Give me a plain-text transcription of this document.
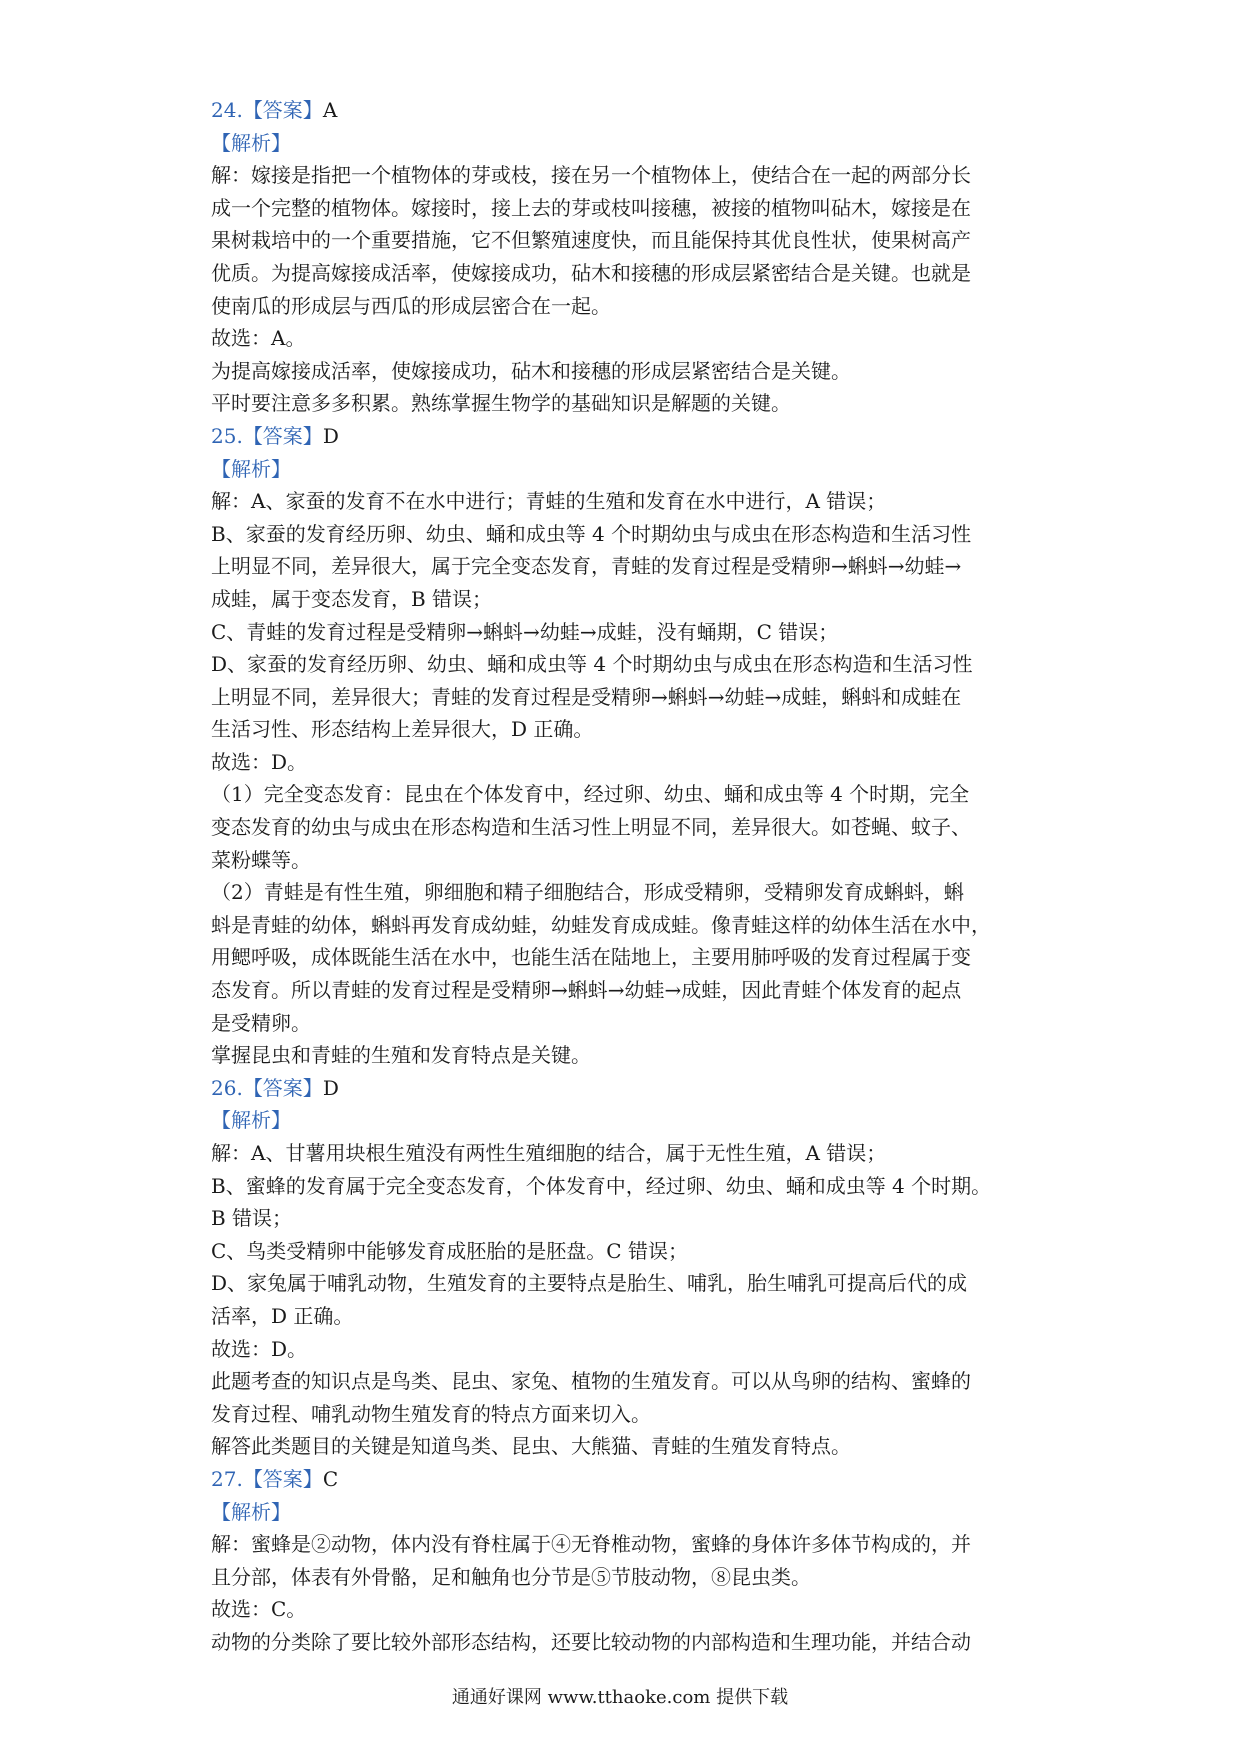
24.【答案】A
【解析】
解：嫁接是指把一个植物体的芽或枝，接在另一个植物体上，使结合在一起的两部分长
成一个完整的植物体。嫁接时，接上去的芽或枝叫接穗，被接的植物叫砧木，嫁接是在
果树栽培中的一个重要措施，它不但繁殖速度快，而且能保持其优良性状，使果树高产
优质。为提高嫁接成活率，使嫁接成功，砧木和接穗的形成层紧密结合是关键。也就是
使南瓜的形成层与西瓜的形成层密合在一起。
故选：A。
为提高嫁接成活率，使嫁接成功，砧木和接穗的形成层紧密结合是关键。
平时要注意多多积累。熟练掌握生物学的基础知识是解题的关键。
25.【答案】D
【解析】
解：A、家蚕的发育不在水中进行；青蛙的生殖和发育在水中进行，A 错误；
B、家蚕的发育经历卵、幼虫、蛹和成虫等 4 个时期幼虫与成虫在形态构造和生活习性
上明显不同，差异很大，属于完全变态发育，青蛙的发育过程是受精卵→蝌蚪→幼蛙→
成蛙，属于变态发育，B 错误；
C、青蛙的发育过程是受精卵→蝌蚪→幼蛙→成蛙，没有蛹期，C 错误；
D、家蚕的发育经历卵、幼虫、蛹和成虫等 4 个时期幼虫与成虫在形态构造和生活习性
上明显不同，差异很大；青蛙的发育过程是受精卵→蝌蚪→幼蛙→成蛙，蝌蚪和成蛙在
生活习性、形态结构上差异很大，D 正确。
故选：D。
（1）完全变态发育：昆虫在个体发育中，经过卵、幼虫、蛹和成虫等 4 个时期，完全
变态发育的幼虫与成虫在形态构造和生活习性上明显不同，差异很大。如苍蝇、蚊子、
菜粉蝶等。
（2）青蛙是有性生殖，卵细胞和精子细胞结合，形成受精卵，受精卵发育成蝌蚪，蝌
蚪是青蛙的幼体，蝌蚪再发育成幼蛙，幼蛙发育成成蛙。像青蛙这样的幼体生活在水中，
用鳃呼吸，成体既能生活在水中，也能生活在陆地上，主要用肺呼吸的发育过程属于变
态发育。所以青蛙的发育过程是受精卵→蝌蚪→幼蛙→成蛙，因此青蛙个体发育的起点
是受精卵。
掌握昆虫和青蛙的生殖和发育特点是关键。
26.【答案】D
【解析】
解：A、甘薯用块根生殖没有两性生殖细胞的结合，属于无性生殖，A 错误；
B、蜜蜂的发育属于完全变态发育，个体发育中，经过卵、幼虫、蛹和成虫等 4 个时期。
B 错误；
C、鸟类受精卵中能够发育成胚胎的是胚盘。C 错误；
D、家兔属于哺乳动物，生殖发育的主要特点是胎生、哺乳，胎生哺乳可提高后代的成
活率，D 正确。
故选：D。
此题考查的知识点是鸟类、昆虫、家兔、植物的生殖发育。可以从鸟卵的结构、蜜蜂的
发育过程、哺乳动物生殖发育的特点方面来切入。
解答此类题目的关键是知道鸟类、昆虫、大熊猫、青蛙的生殖发育特点。
27.【答案】C
【解析】
解：蜜蜂是②动物，体内没有脊柱属于④无脊椎动物，蜜蜂的身体许多体节构成的，并
且分部，体表有外骨骼，足和触角也分节是⑤节肢动物，⑧昆虫类。
故选：C。
动物的分类除了要比较外部形态结构，还要比较动物的内部构造和生理功能，并结合动
通通好课网 www.tthaoke.com 提供下载
